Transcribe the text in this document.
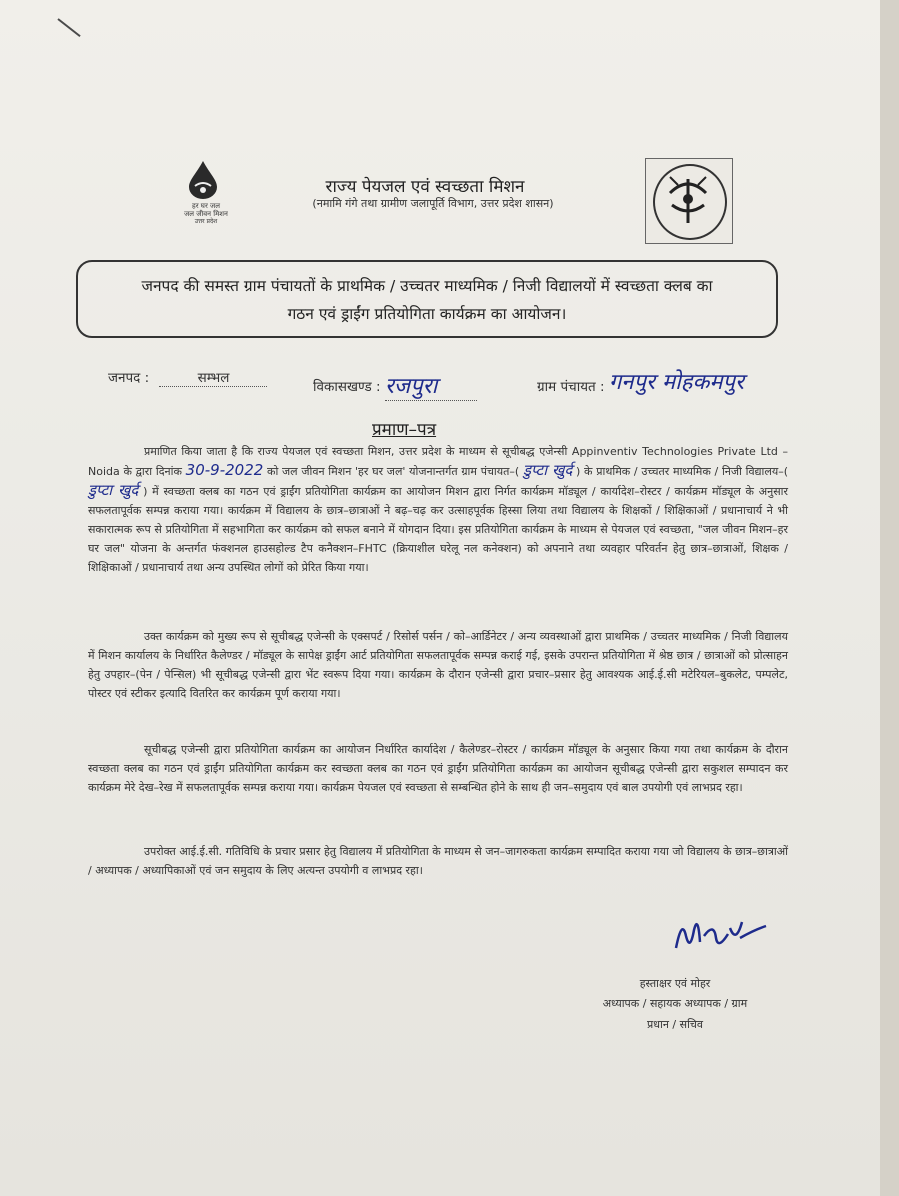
हर घर जल
जल जीवन मिशन
उत्तर प्रदेश
राज्य पेयजल एवं स्वच्छता मिशन
(नमामि गंगे तथा ग्रामीण जलापूर्ति विभाग, उत्तर प्रदेश शासन)
जनपद की समस्त ग्राम पंचायतों के प्राथमिक / उच्चतर माध्यमिक / निजी विद्यालयों में स्वच्छता क्लब का
गठन एवं ड्राईंग प्रतियोगिता कार्यक्रम का आयोजन।
जनपद :	सम्भल
विकासखण्ड : रजपुरा	ग्राम पंचायत : गनपुर मोहकमपुर
प्रमाण–पत्र

प्रमाणित किया जाता है कि राज्य पेयजल एवं स्वच्छता मिशन, उत्तर प्रदेश के माध्यम से सूचीबद्ध एजेन्सी Appinventiv Technologies Private Ltd – Noida के द्वारा दिनांक 30-9-2022 को जल जीवन मिशन 'हर घर जल' योजनान्तर्गत ग्राम पंचायत–( डुप्टा खुर्द ) के प्राथमिक / उच्चतर माध्यमिक / निजी विद्यालय–( डुप्टा खुर्द ) में स्वच्छता क्लब का गठन एवं ड्राईंग प्रतियोगिता कार्यक्रम का आयोजन मिशन द्वारा निर्गत कार्यक्रम मॉड्यूल / कार्यादेश–रोस्टर / कार्यक्रम मॉड्यूल के अनुसार सफलतापूर्वक सम्पन्न कराया गया। कार्यक्रम में विद्यालय के छात्र–छात्राओं ने बढ़–चढ़ कर उत्साहपूर्वक हिस्सा लिया तथा विद्यालय के शिक्षकों / शिक्षिकाओं / प्रधानाचार्य ने भी सकारात्मक रूप से प्रतियोगिता में सहभागिता कर कार्यक्रम को सफल बनाने में योगदान दिया। इस प्रतियोगिता कार्यक्रम के माध्यम से पेयजल एवं स्वच्छता, "जल जीवन मिशन–हर घर जल" योजना के अन्तर्गत फंक्शनल हाउसहोल्ड टैप कनैक्शन–FHTC (क्रियाशील घरेलू नल कनेक्शन) को अपनाने तथा व्यवहार परिवर्तन हेतु छात्र–छात्राओं, शिक्षक / शिक्षिकाओं / प्रधानाचार्य तथा अन्य उपस्थित लोगों को प्रेरित किया गया।

उक्त कार्यक्रम को मुख्य रूप से सूचीबद्ध एजेन्सी के एक्सपर्ट / रिसोर्स पर्सन / को–आर्डिनेटर / अन्य व्यवस्थाओं द्वारा प्राथमिक / उच्चतर माध्यमिक / निजी विद्यालय में मिशन कार्यालय के निर्धारित कैलेण्डर / मॉड्यूल के सापेक्ष ड्राईंग आर्ट प्रतियोगिता सफलतापूर्वक सम्पन्न कराई गई, इसके उपरान्त प्रतियोगिता में श्रेष्ठ छात्र / छात्राओं को प्रोत्साहन हेतु उपहार–(पेन / पेन्सिल) भी सूचीबद्ध एजेन्सी द्वारा भेंट स्वरूप दिया गया। कार्यक्रम के दौरान एजेन्सी द्वारा प्रचार–प्रसार हेतु आवश्यक आई.ई.सी मटेरियल–बुकलेट, पम्पलेट, पोस्टर एवं स्टीकर इत्यादि वितरित कर कार्यक्रम पूर्ण कराया गया।

सूचीबद्ध एजेन्सी द्वारा प्रतियोगिता कार्यक्रम का आयोजन निर्धारित कार्यादेश / कैलेण्डर–रोस्टर / कार्यक्रम मॉड्यूल के अनुसार किया गया तथा कार्यक्रम के दौरान स्वच्छता क्लब का गठन एवं ड्राईंग प्रतियोगिता कार्यक्रम कर स्वच्छता क्लब का गठन एवं ड्राईंग प्रतियोगिता कार्यक्रम का आयोजन सूचीबद्ध एजेन्सी द्वारा सकुशल सम्पादन कर कार्यक्रम मेरे देख–रेख में सफलतापूर्वक सम्पन्न कराया गया। कार्यक्रम पेयजल एवं स्वच्छता से सम्बन्धित होने के साथ ही जन–समुदाय एवं बाल उपयोगी एवं लाभप्रद रहा।

उपरोक्त आई.ई.सी. गतिविधि के प्रचार प्रसार हेतु विद्यालय में प्रतियोगिता के माध्यम से जन–जागरुकता कार्यक्रम सम्पादित कराया गया जो विद्यालय के छात्र–छात्राओं / अध्यापक / अध्यापिकाओं एवं जन समुदाय के लिए अत्यन्त उपयोगी व लाभप्रद रहा।

हस्ताक्षर एवं मोहर
अध्यापक / सहायक अध्यापक / ग्राम
प्रधान / सचिव
